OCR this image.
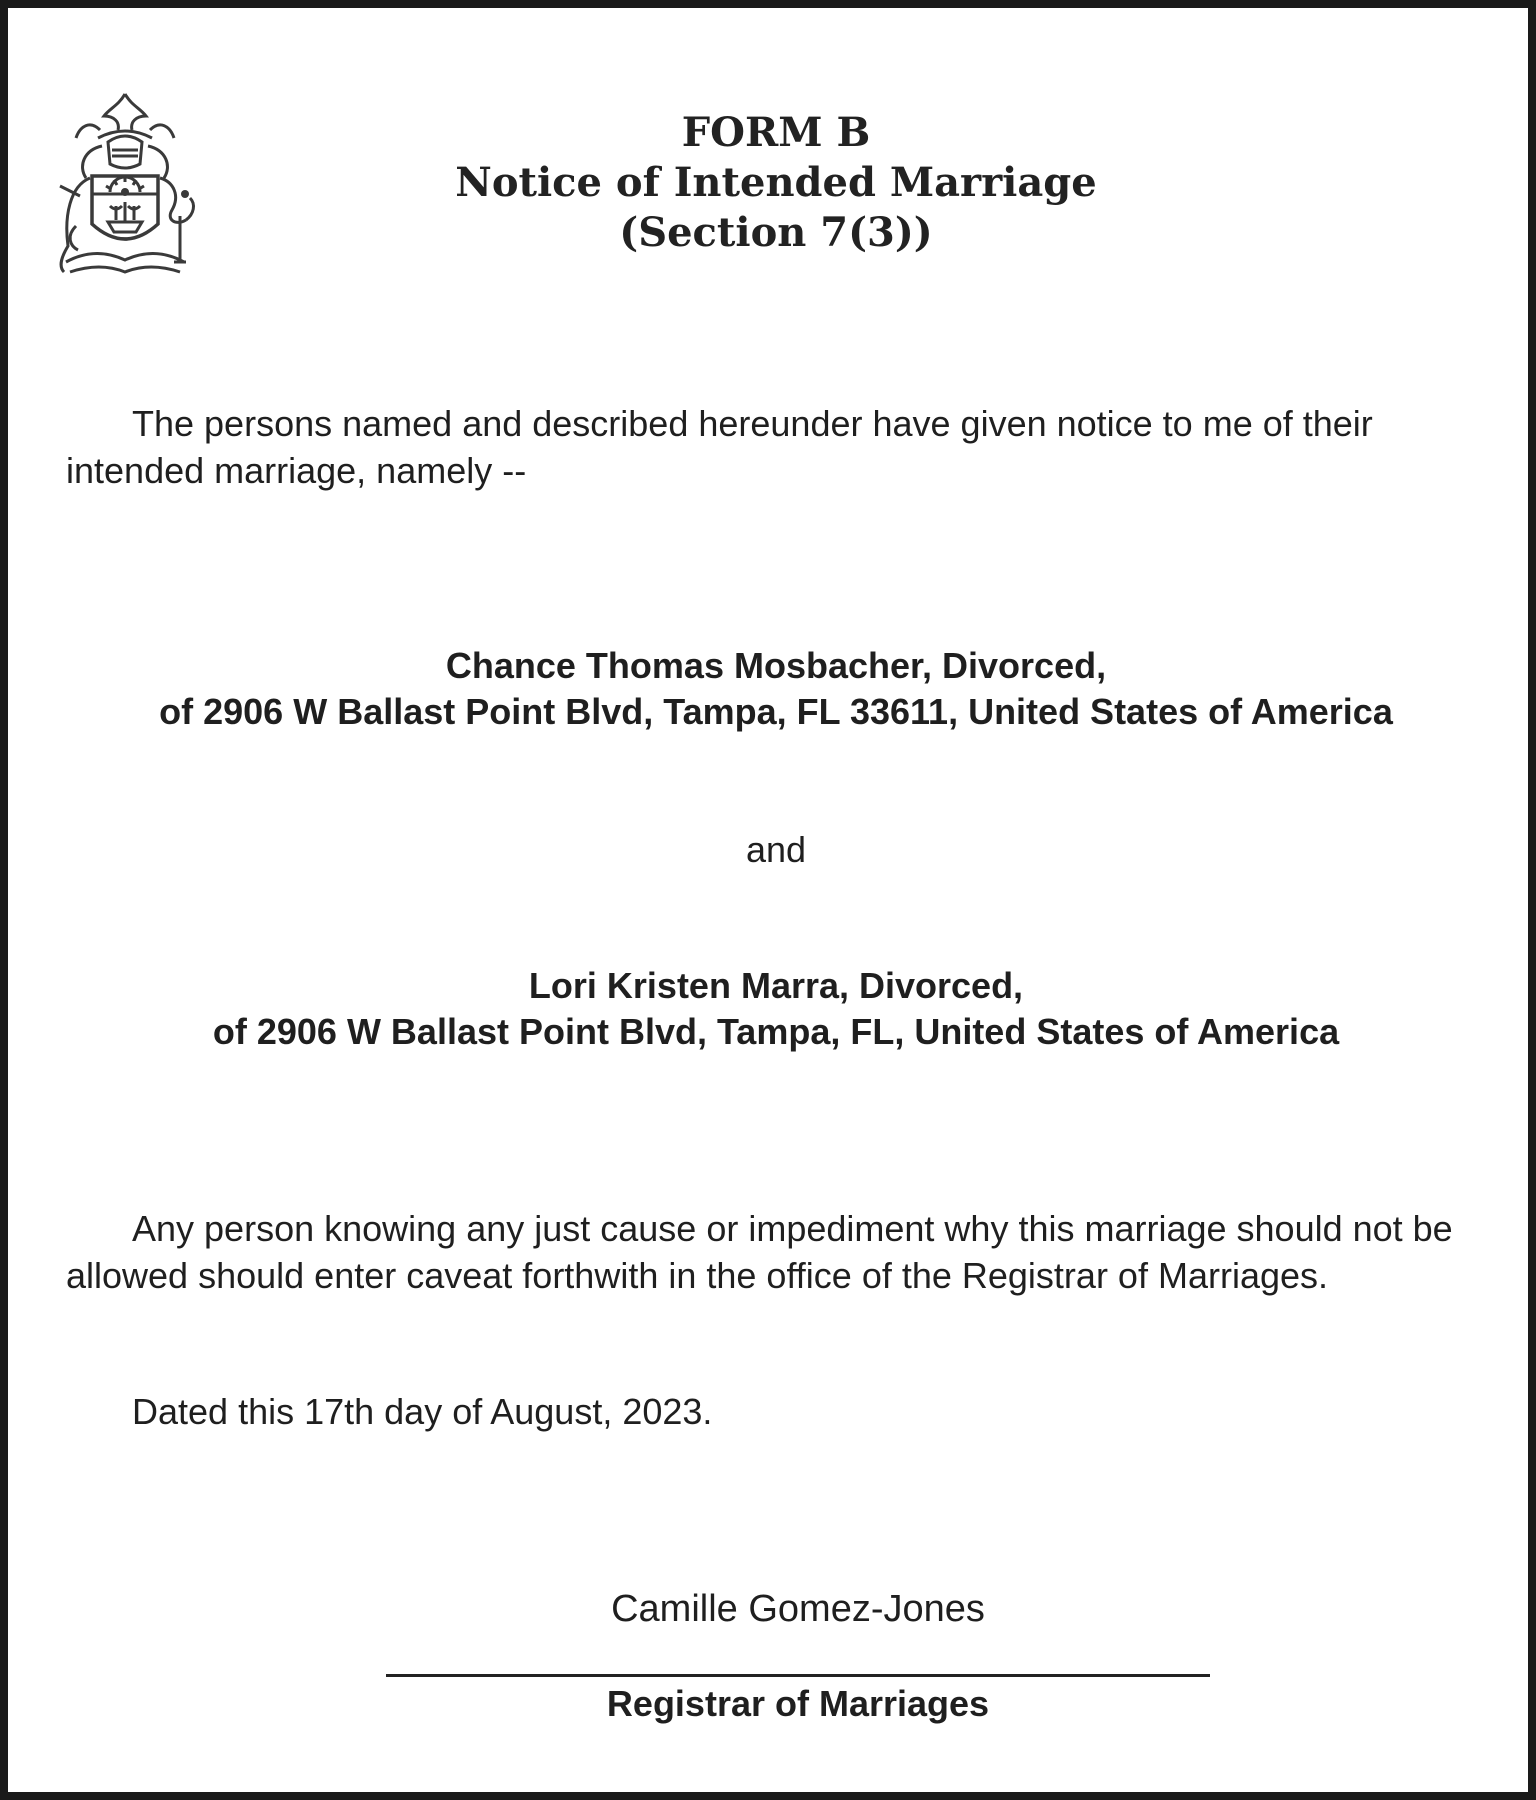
FORM B
Notice of Intended Marriage
(Section 7(3))
The persons named and described hereunder have given notice to me of their intended marriage, namely --
Chance Thomas Mosbacher, Divorced,
of 2906 W Ballast Point Blvd, Tampa, FL 33611, United States of America
and
Lori Kristen Marra, Divorced,
of 2906 W Ballast Point Blvd, Tampa, FL, United States of America
Any person knowing any just cause or impediment why this marriage should not be allowed should enter caveat forthwith in the office of the Registrar of Marriages.
Dated this 17th day of August, 2023.
Camille Gomez-Jones
Registrar of Marriages
